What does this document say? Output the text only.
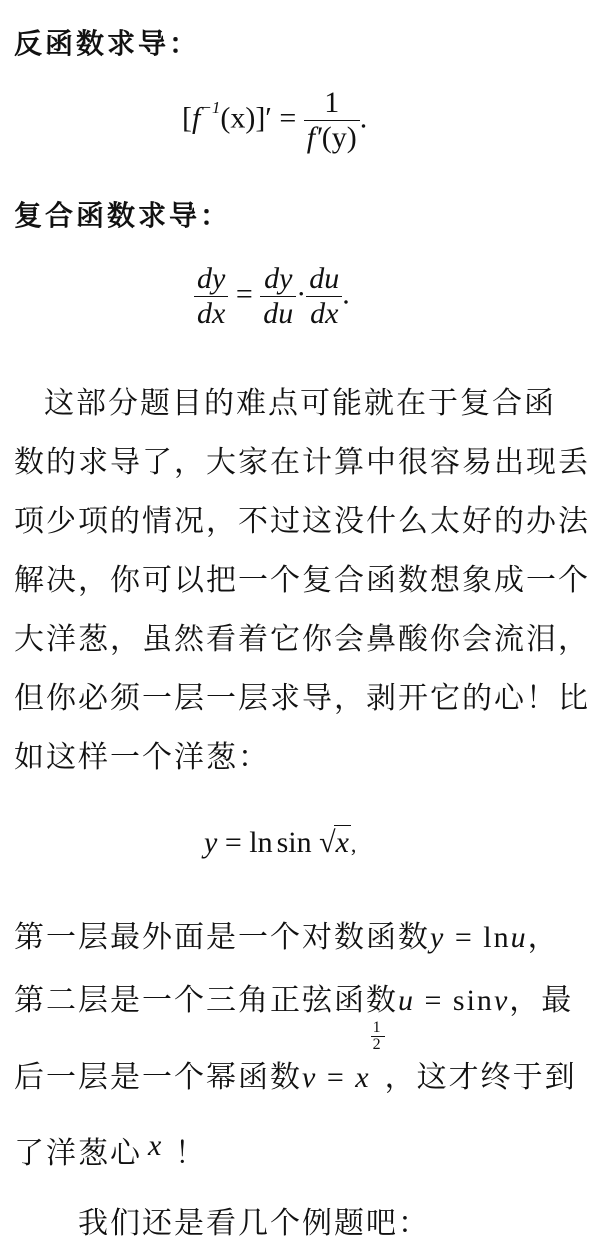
反函数求导：
$[f^{-1}(x)]' = \frac{1}{f'(y)}$ .
复合函数求导：
$\frac{dy}{dx} = \frac{dy}{du} \cdot \frac{du}{dx}$ .
这部分题目的难点可能就在于复合函
数的求导了，大家在计算中很容易出现丢
项少项的情况，不过这没什么太好的办法
解决，你可以把一个复合函数想象成一个
大洋葱，虽然看着它你会鼻酸你会流泪，
但你必须一层一层求导，剥开它的心！比
如这样一个洋葱：
y = ln sin √x,
第一层最外面是一个对数函数y = lnu，
第二层是一个三角正弦函数u = sinv，最
后一层是一个幂函数v = x
$\frac{1}{2}$
，这才终于到
了洋葱心 x ！
我们还是看几个例题吧：
